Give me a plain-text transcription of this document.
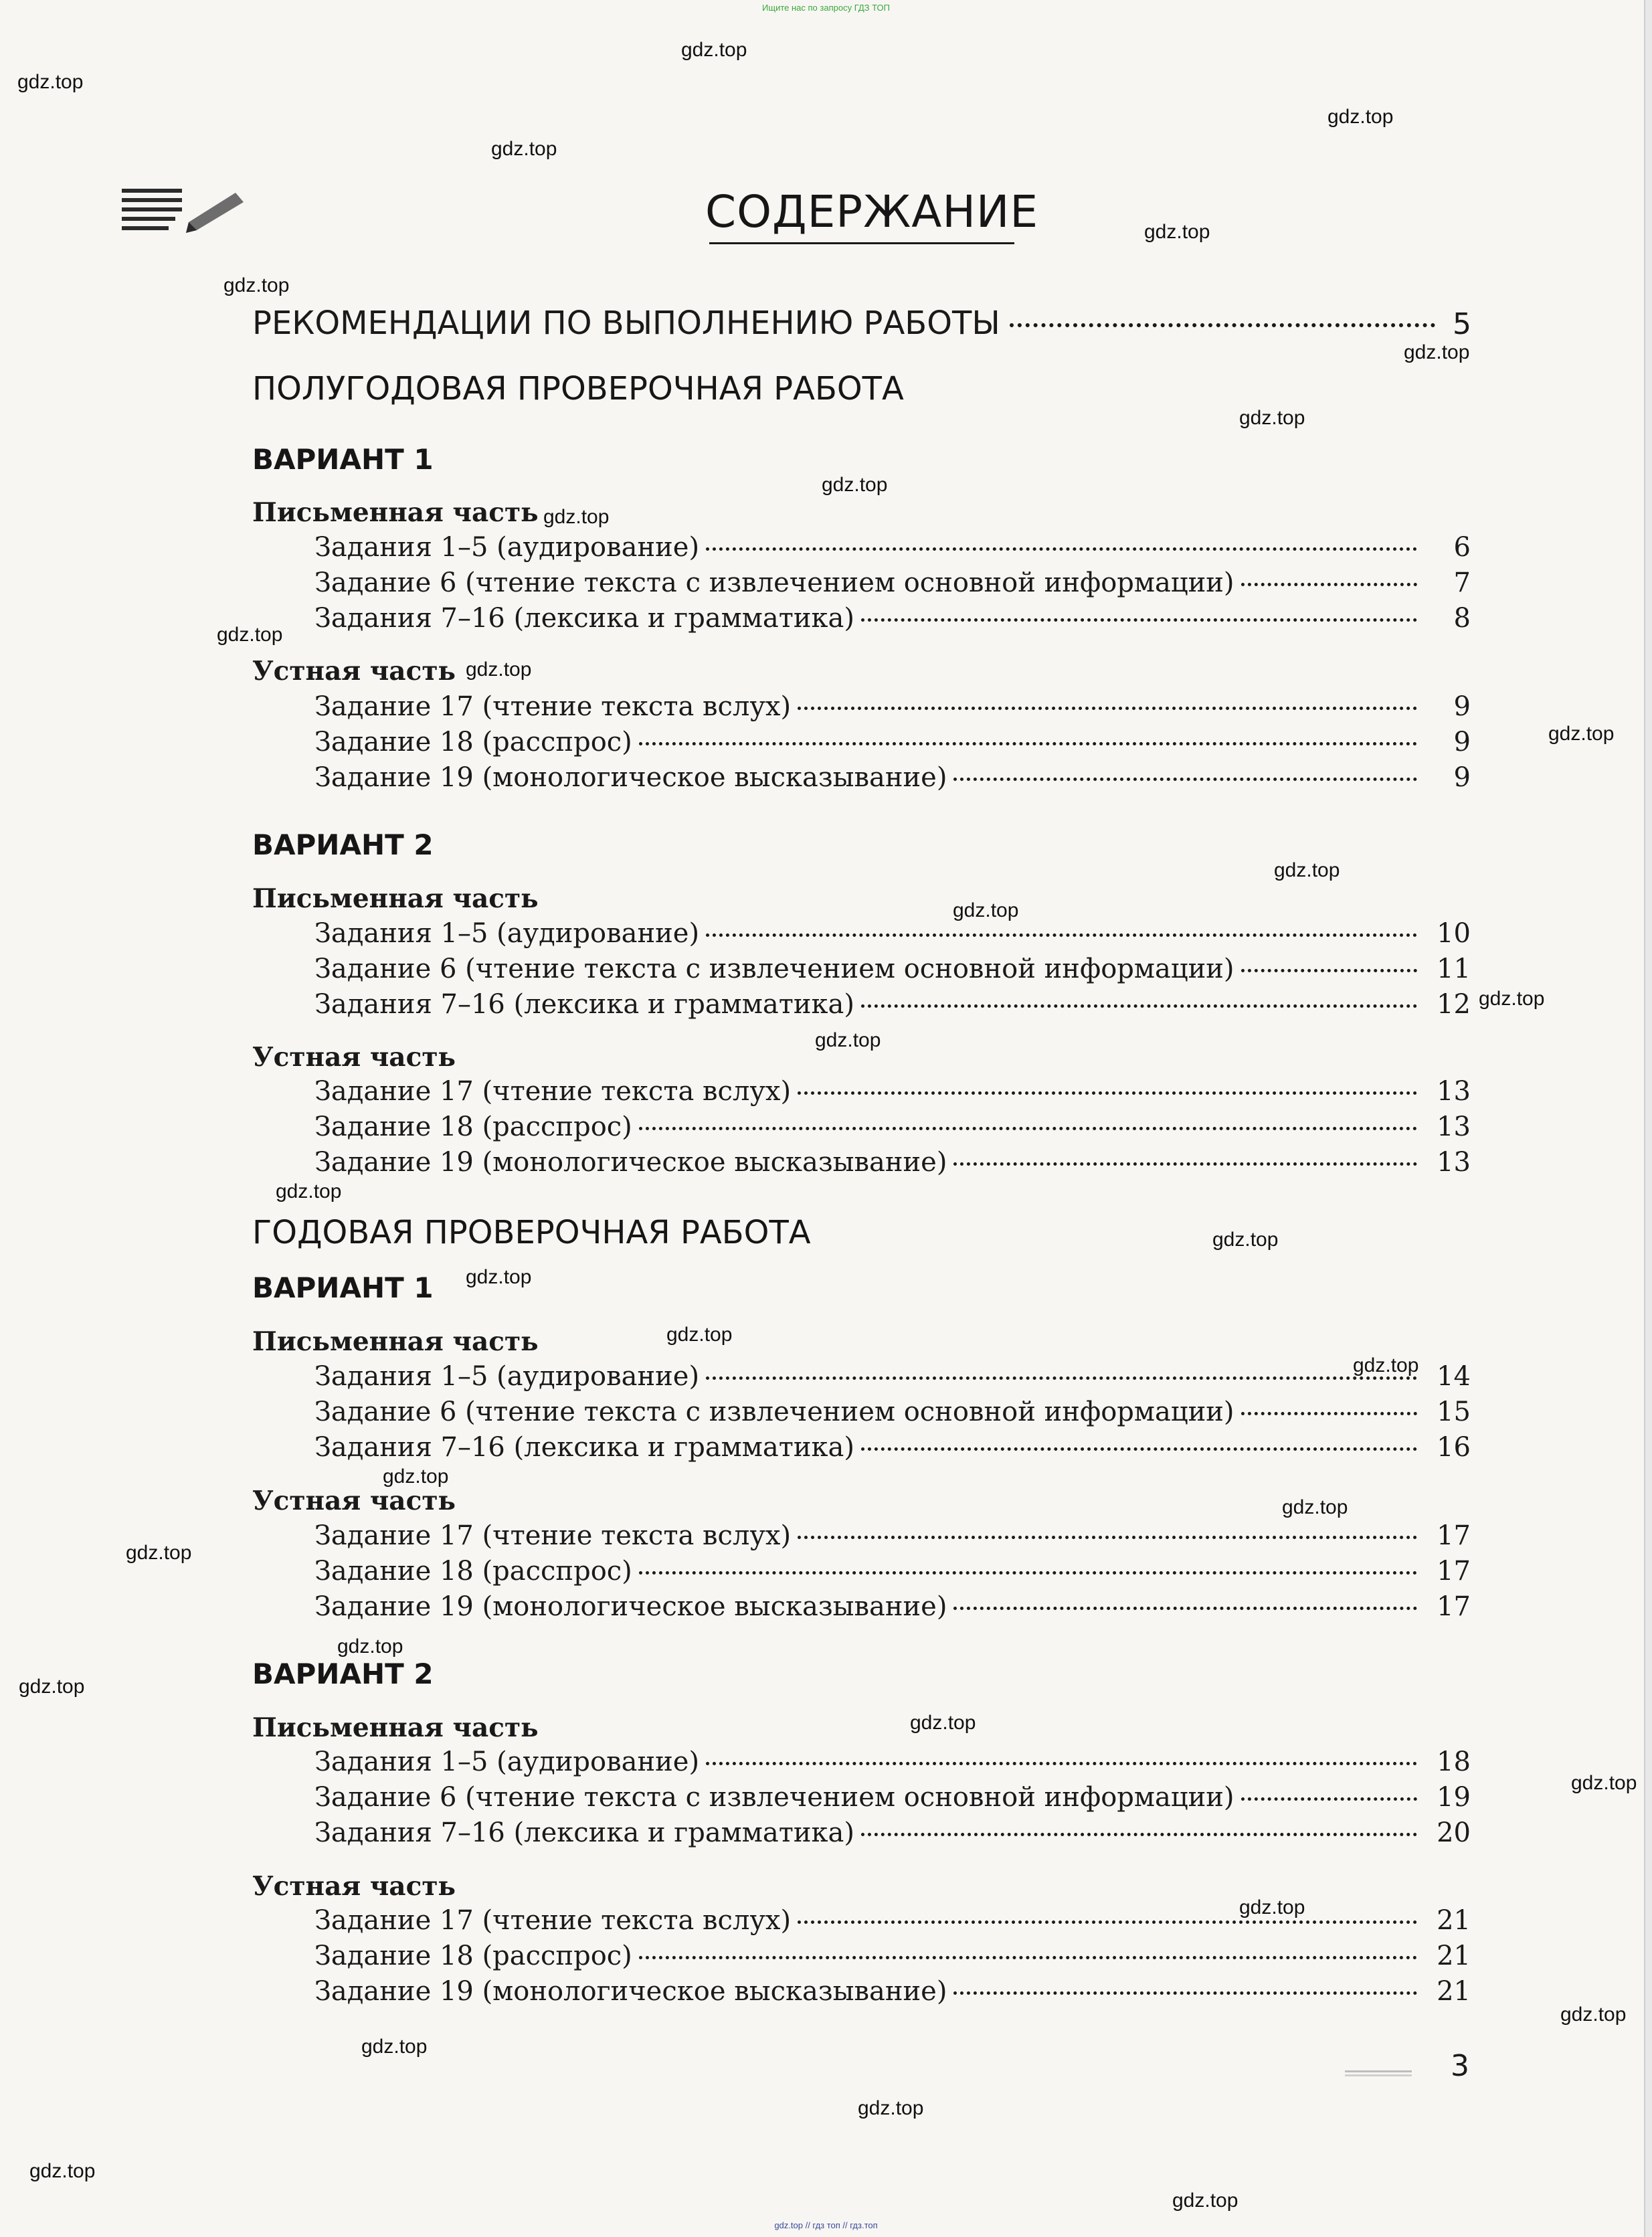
Ищите нас по запросу ГДЗ ТОП
СОДЕРЖАНИЕ
РЕКОМЕНДАЦИИ ПО ВЫПОЛНЕНИЮ РАБОТЫ	5
ПОЛУГОДОВАЯ ПРОВЕРОЧНАЯ РАБОТА
ВАРИАНТ 1
Письменная часть
Задания 1–5 (аудирование)	6
Задание 6 (чтение текста с извлечением основной информации)	7
Задания 7–16 (лексика и грамматика)	8
Устная часть
Задание 17 (чтение текста вслух)	9
Задание 18 (расспрос)	9
Задание 19 (монологическое высказывание)	9
ВАРИАНТ 2
Письменная часть
Задания 1–5 (аудирование)	10
Задание 6 (чтение текста с извлечением основной информации)	11
Задания 7–16 (лексика и грамматика)	12
Устная часть
Задание 17 (чтение текста вслух)	13
Задание 18 (расспрос)	13
Задание 19 (монологическое высказывание)	13
ГОДОВАЯ ПРОВЕРОЧНАЯ РАБОТА
ВАРИАНТ 1
Письменная часть
Задания 1–5 (аудирование)	14
Задание 6 (чтение текста с извлечением основной информации)	15
Задания 7–16 (лексика и грамматика)	16
Устная часть
Задание 17 (чтение текста вслух)	17
Задание 18 (расспрос)	17
Задание 19 (монологическое высказывание)	17
ВАРИАНТ 2
Письменная часть
Задания 1–5 (аудирование)	18
Задание 6 (чтение текста с извлечением основной информации)	19
Задания 7–16 (лексика и грамматика)	20
Устная часть
Задание 17 (чтение текста вслух)	21
Задание 18 (расспрос)	21
Задание 19 (монологическое высказывание)	21
3
gdz.top
gdz.top
gdz.top
gdz.top
gdz.top
gdz.top
gdz.top
gdz.top
gdz.top
gdz.top
gdz.top
gdz.top
gdz.top
gdz.top
gdz.top
gdz.top
gdz.top
gdz.top
gdz.top
gdz.top
gdz.top
gdz.top
gdz.top
gdz.top
gdz.top
gdz.top
gdz.top
gdz.top
gdz.top
gdz.top
gdz.top
gdz.top
gdz.top
gdz.top
gdz.top
gdz.top // гдз топ // гдз.топ
